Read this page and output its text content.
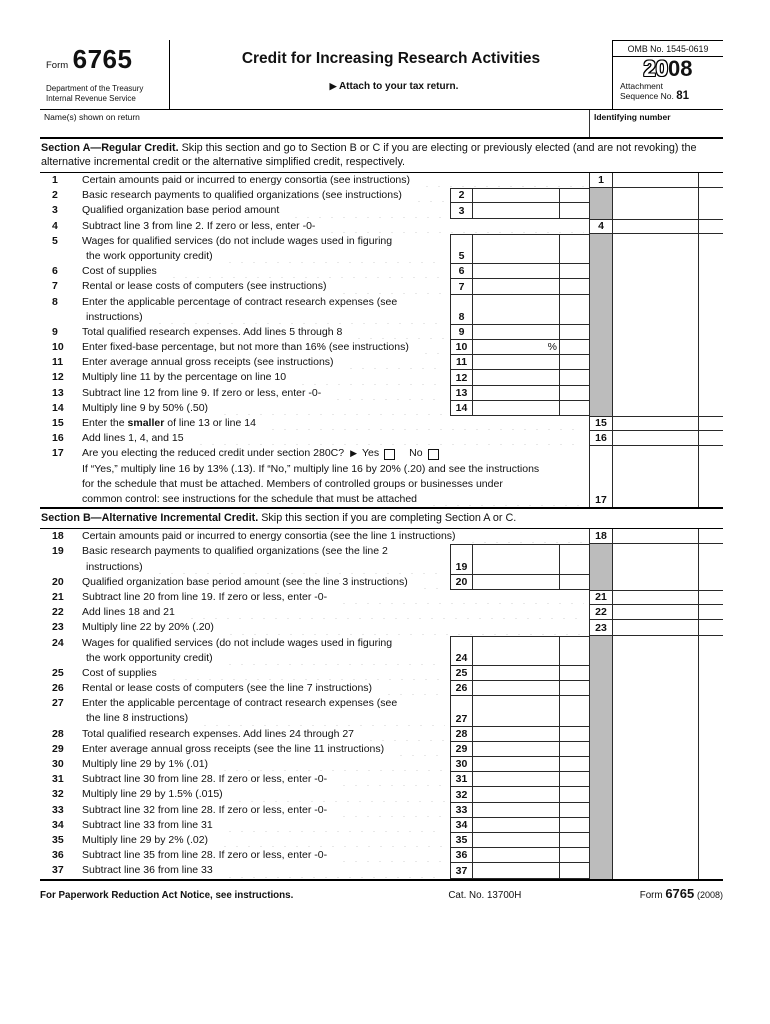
Form 6765
Department of the Treasury
Internal Revenue Service
Credit for Increasing Research Activities
▶ Attach to your tax return.
OMB No. 1545-0619
2008
Attachment
Sequence No. 81
Name(s) shown on return	Identifying number
Section A—Regular Credit. Skip this section and go to Section B or C if you are electing or previously elected (and are not revoking) the alternative incremental credit or the alternative simplified credit, respectively.
1	Certain amounts paid or incurred to energy consortia (see instructions)	1
2	Basic research payments to qualified organizations (see instructions)	2
3	Qualified organization base period amount	3
4	Subtract line 3 from line 2. If zero or less, enter -0-	4
5	Wages for qualified services (do not include wages used in figuring
the work opportunity credit)	5
6	Cost of supplies	6
7	Rental or lease costs of computers (see instructions)	7
8	Enter the applicable percentage of contract research expenses (see
instructions)	8
9	Total qualified research expenses. Add lines 5 through 8	9
10	Enter fixed-base percentage, but not more than 16% (see instructions)	10	%
11	Enter average annual gross receipts (see instructions)	11
12	Multiply line 11 by the percentage on line 10	12
13	Subtract line 12 from line 9. If zero or less, enter -0-	13
14	Multiply line 9 by 50% (.50)	14
15	Enter the smaller of line 13 or line 14	15
16	Add lines 1, 4, and 15	16
17	Are you electing the reduced credit under section 280C? ▶ Yes	No
If “Yes,” multiply line 16 by 13% (.13). If “No,” multiply line 16 by 20% (.20) and see the instructions
for the schedule that must be attached. Members of controlled groups or businesses under
common control: see instructions for the schedule that must be attached	17
Section B—Alternative Incremental Credit. Skip this section if you are completing Section A or C.
18	Certain amounts paid or incurred to energy consortia (see the line 1 instructions)	18
19	Basic research payments to qualified organizations (see the line 2
instructions)	19
20	Qualified organization base period amount (see the line 3 instructions)	20
21	Subtract line 20 from line 19. If zero or less, enter -0-	21
22	Add lines 18 and 21	22
23	Multiply line 22 by 20% (.20)	23
24	Wages for qualified services (do not include wages used in figuring
the work opportunity credit)	24
25	Cost of supplies	25
26	Rental or lease costs of computers (see the line 7 instructions)	26
27	Enter the applicable percentage of contract research expenses (see
the line 8 instructions)	27
28	Total qualified research expenses. Add lines 24 through 27	28
29	Enter average annual gross receipts (see the line 11 instructions)	29
30	Multiply line 29 by 1% (.01)	30
31	Subtract line 30 from line 28. If zero or less, enter -0-	31
32	Multiply line 29 by 1.5% (.015)	32
33	Subtract line 32 from line 28. If zero or less, enter -0-	33
34	Subtract line 33 from line 31	34
35	Multiply line 29 by 2% (.02)	35
36	Subtract line 35 from line 28. If zero or less, enter -0-	36
37	Subtract line 36 from line 33	37
For Paperwork Reduction Act Notice, see instructions.	Cat. No. 13700H	Form 6765 (2008)
